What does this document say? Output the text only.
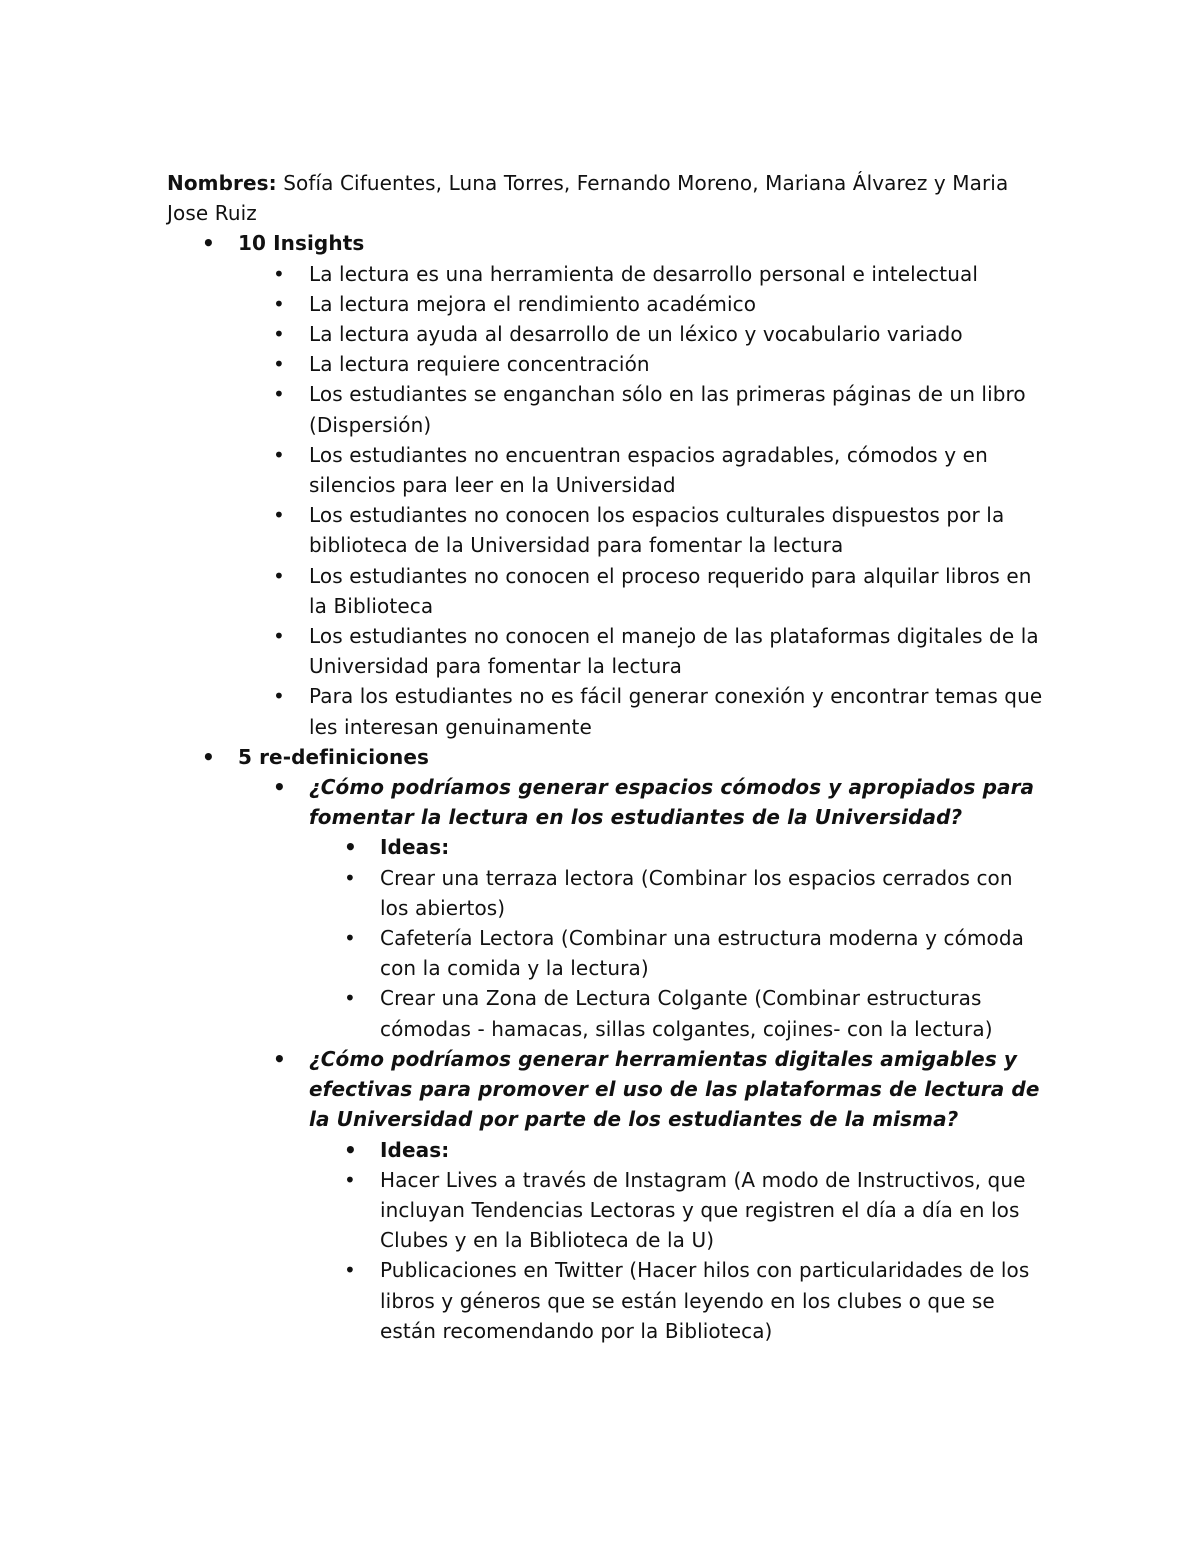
Nombres: Sofía Cifuentes, Luna Torres, Fernando Moreno, Mariana Álvarez y Maria Jose Ruiz
• 10 Insights
• La lectura es una herramienta de desarrollo personal e intelectual
• La lectura mejora el rendimiento académico
• La lectura ayuda al desarrollo de un léxico y vocabulario variado
• La lectura requiere concentración
• Los estudiantes se enganchan sólo en las primeras páginas de un libro (Dispersión)
• Los estudiantes no encuentran espacios agradables, cómodos y en silencios para leer en la Universidad
• Los estudiantes no conocen los espacios culturales dispuestos por la biblioteca de la Universidad para fomentar la lectura
• Los estudiantes no conocen el proceso requerido para alquilar libros en la Biblioteca
• Los estudiantes no conocen el manejo de las plataformas digitales de la Universidad para fomentar la lectura
• Para los estudiantes no es fácil generar conexión y encontrar temas que les interesan genuinamente
• 5 re-definiciones
• ¿Cómo podríamos generar espacios cómodos y apropiados para fomentar la lectura en los estudiantes de la Universidad?
• Ideas:
• Crear una terraza lectora (Combinar los espacios cerrados con los abiertos)
• Cafetería Lectora (Combinar una estructura moderna y cómoda con la comida y la lectura)
• Crear una Zona de Lectura Colgante (Combinar estructuras cómodas - hamacas, sillas colgantes, cojines- con la lectura)
• ¿Cómo podríamos generar herramientas digitales amigables y efectivas para promover el uso de las plataformas de lectura de la Universidad por parte de los estudiantes de la misma?
• Ideas:
• Hacer Lives a través de Instagram (A modo de Instructivos, que incluyan Tendencias Lectoras y que registren el día a día en los Clubes y en la Biblioteca de la U)
• Publicaciones en Twitter (Hacer hilos con particularidades de los libros y géneros que se están leyendo en los clubes o que se están recomendando por la Biblioteca)
